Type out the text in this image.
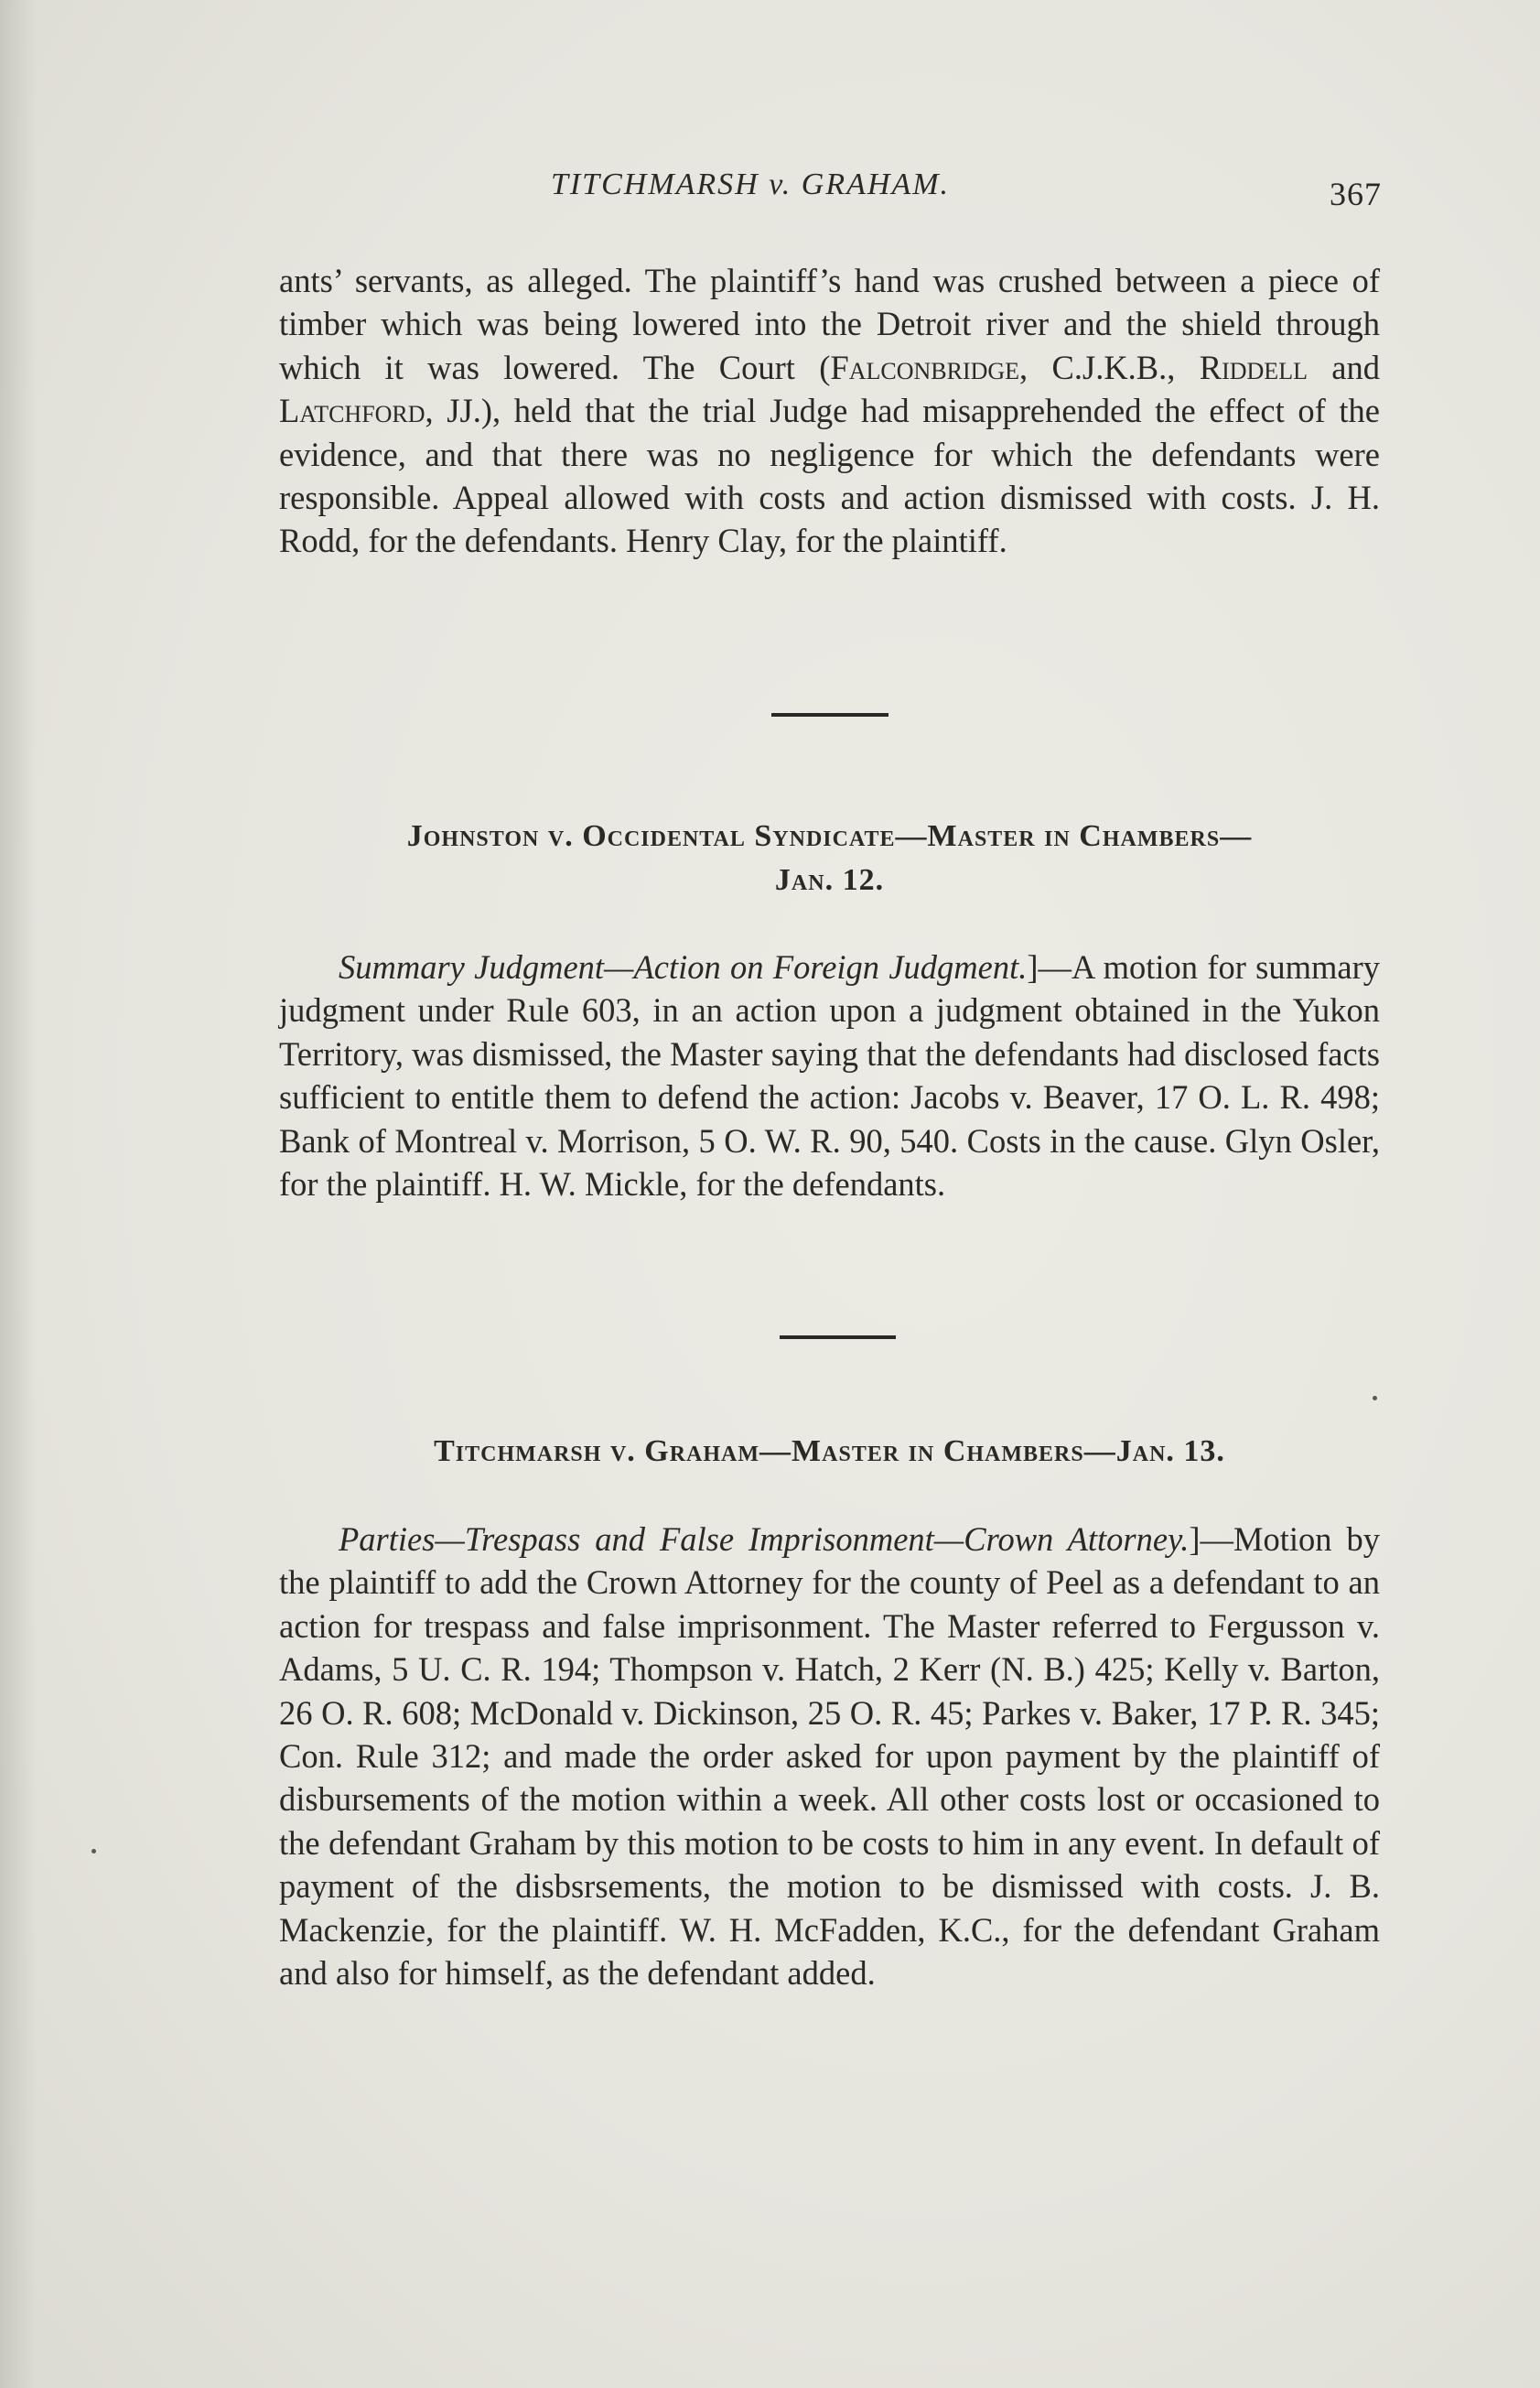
TITCHMARSH v. GRAHAM.	367

ants’ servants, as alleged. The plaintiff’s hand was crushed between a piece of timber which was being lowered into the Detroit river and the shield through which it was lowered. The Court (Falconbridge, C.J.K.B., Riddell and Latchford, JJ.), held that the trial Judge had misapprehended the effect of the evidence, and that there was no negligence for which the defendants were responsible. Appeal allowed with costs and action dismissed with costs. J. H. Rodd, for the defendants. Henry Clay, for the plaintiff.

Johnston v. Occidental Syndicate—Master in Chambers—
Jan. 12.

Summary Judgment—Action on Foreign Judgment.]—A motion for summary judgment under Rule 603, in an action upon a judgment obtained in the Yukon Territory, was dismissed, the Master saying that the defendants had disclosed facts sufficient to entitle them to defend the action: Jacobs v. Beaver, 17 O. L. R. 498; Bank of Montreal v. Morrison, 5 O. W. R. 90, 540. Costs in the cause. Glyn Osler, for the plaintiff. H. W. Mickle, for the defendants.

Titchmarsh v. Graham—Master in Chambers—Jan. 13.

Parties—Trespass and False Imprisonment—Crown Attorney.]—Motion by the plaintiff to add the Crown Attorney for the county of Peel as a defendant to an action for trespass and false imprisonment. The Master referred to Fergusson v. Adams, 5 U. C. R. 194; Thompson v. Hatch, 2 Kerr (N. B.) 425; Kelly v. Barton, 26 O. R. 608; McDonald v. Dickinson, 25 O. R. 45; Parkes v. Baker, 17 P. R. 345; Con. Rule 312; and made the order asked for upon payment by the plaintiff of disbursements of the motion within a week. All other costs lost or occasioned to the defendant Graham by this motion to be costs to him in any event. In default of payment of the disbsrsements, the motion to be dismissed with costs. J. B. Mackenzie, for the plaintiff. W. H. McFadden, K.C., for the defendant Graham and also for himself, as the defendant added.
